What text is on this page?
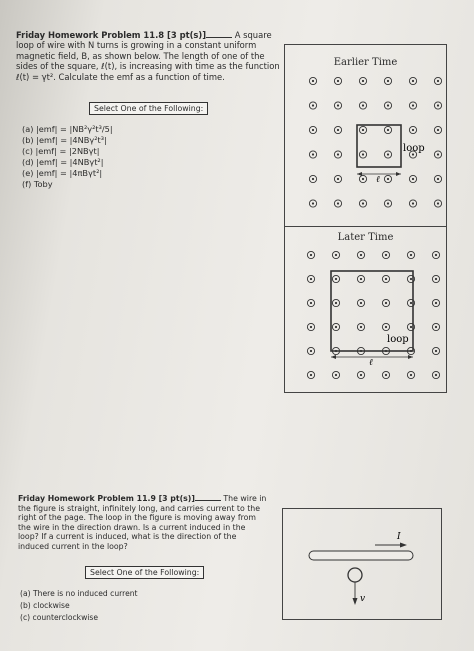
Friday Homework Problem 11.8 [3 pt(s)]	A square loop of wire with N turns is growing in a constant uniform magnetic field, B, as shown below. The length of one of the sides of the square, ℓ(t), is increasing with time as the function ℓ(t) = γt². Calculate the emf as a function of time.
Select One of the Following:
(a) |emf| = |NB²γ²t³/5|
(b) |emf| = |4NBγ²t³|
(c) |emf| = |2NBγt|
(d) |emf| = |4NBγt²|
(e) |emf| = |4πBγt²|
(f) Toby
Earlier Time
Later Time
ℓ
loop
ℓ
loop
Friday Homework Problem 11.9 [3 pt(s)]	The wire in the figure is straight, infinitely long, and carries current to the right of the page. The loop in the figure is moving away from the wire in the direction drawn. Is a current induced in the loop? If a current is induced, what is the direction of the induced current in the loop?
Select One of the Following:
(a) There is no induced current
(b) clockwise
(c) counterclockwise
I
v
